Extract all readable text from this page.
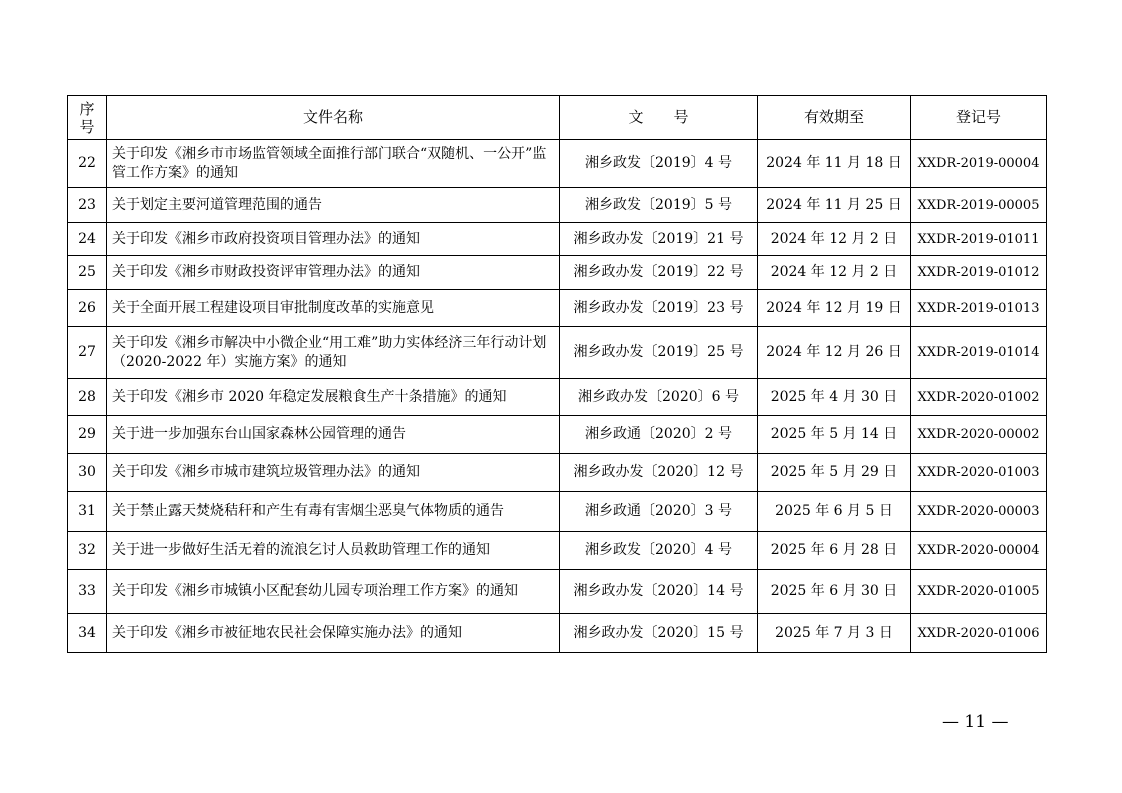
序号	文件名称	文　　号	有效期至	登记号
22	关于印发《湘乡市市场监管领域全面推行部门联合“双随机、一公开”监管工作方案》的通知	湘乡政发〔2019〕4 号	2024 年 11 月 18 日	XXDR-2019-00004
23	关于划定主要河道管理范围的通告	湘乡政发〔2019〕5 号	2024 年 11 月 25 日	XXDR-2019-00005
24	关于印发《湘乡市政府投资项目管理办法》的通知	湘乡政办发〔2019〕21 号	2024 年 12 月 2 日	XXDR-2019-01011
25	关于印发《湘乡市财政投资评审管理办法》的通知	湘乡政办发〔2019〕22 号	2024 年 12 月 2 日	XXDR-2019-01012
26	关于全面开展工程建设项目审批制度改革的实施意见	湘乡政办发〔2019〕23 号	2024 年 12 月 19 日	XXDR-2019-01013
27	关于印发《湘乡市解决中小微企业“用工难”助力实体经济三年行动计划（2020-2022 年）实施方案》的通知	湘乡政办发〔2019〕25 号	2024 年 12 月 26 日	XXDR-2019-01014
28	关于印发《湘乡市 2020 年稳定发展粮食生产十条措施》的通知	湘乡政办发〔2020〕6 号	2025 年 4 月 30 日	XXDR-2020-01002
29	关于进一步加强东台山国家森林公园管理的通告	湘乡政通〔2020〕2 号	2025 年 5 月 14 日	XXDR-2020-00002
30	关于印发《湘乡市城市建筑垃圾管理办法》的通知	湘乡政办发〔2020〕12 号	2025 年 5 月 29 日	XXDR-2020-01003
31	关于禁止露天焚烧秸秆和产生有毒有害烟尘恶臭气体物质的通告	湘乡政通〔2020〕3 号	2025 年 6 月 5 日	XXDR-2020-00003
32	关于进一步做好生活无着的流浪乞讨人员救助管理工作的通知	湘乡政发〔2020〕4 号	2025 年 6 月 28 日	XXDR-2020-00004
33	关于印发《湘乡市城镇小区配套幼儿园专项治理工作方案》的通知	湘乡政办发〔2020〕14 号	2025 年 6 月 30 日	XXDR-2020-01005
34	关于印发《湘乡市被征地农民社会保障实施办法》的通知	湘乡政办发〔2020〕15 号	2025 年 7 月 3 日	XXDR-2020-01006
— 11 —
